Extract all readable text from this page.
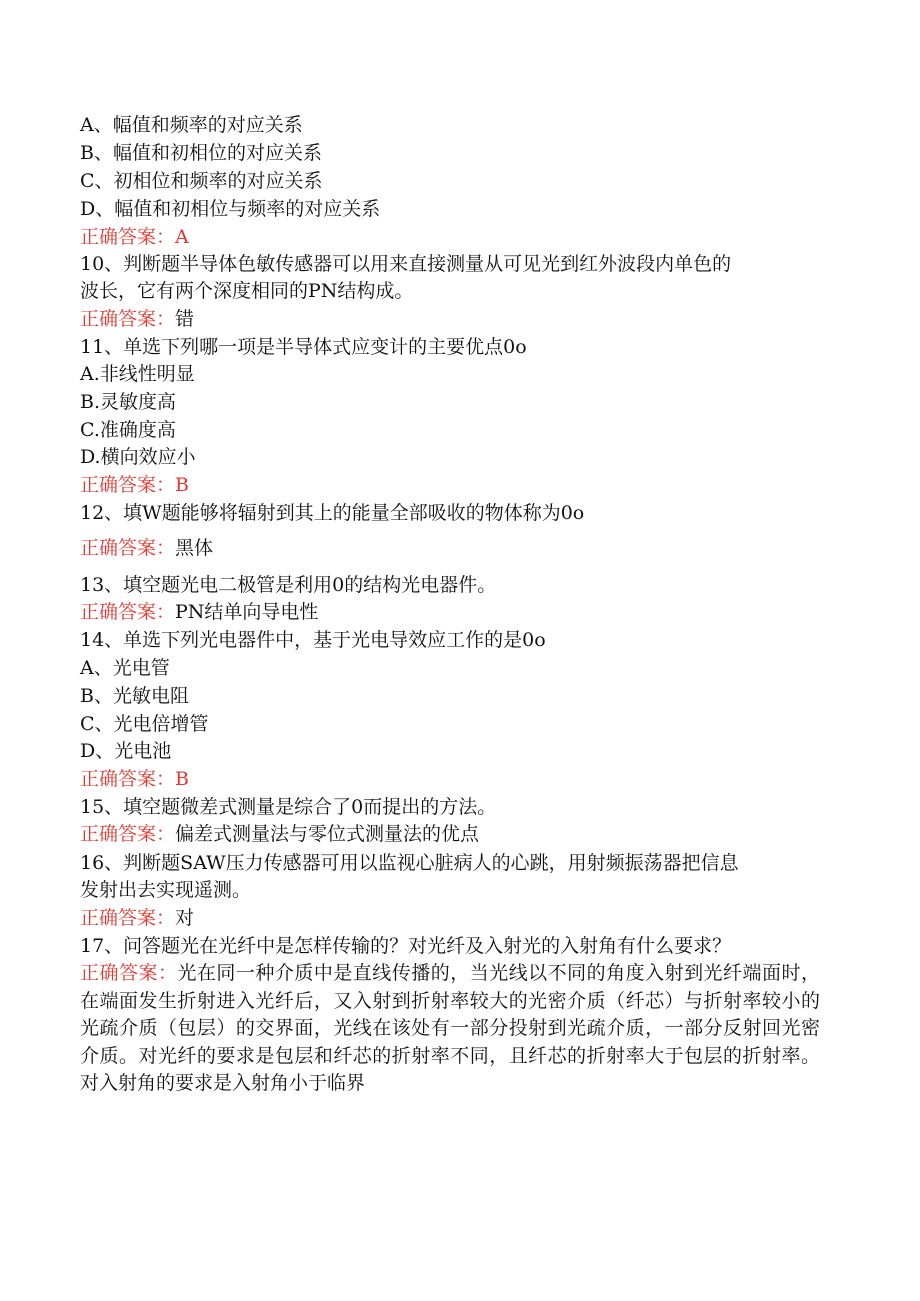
A、幅值和频率的对应关系
B、幅值和初相位的对应关系
C、初相位和频率的对应关系
D、幅值和初相位与频率的对应关系
正确答案：A
10、判断题半导体色敏传感器可以用来直接测量从可见光到红外波段内单色的
波长，它有两个深度相同的PN结构成。
正确答案：错
11、单选下列哪一项是半导体式应变计的主要优点0o
A.非线性明显
B.灵敏度高
C.准确度高
D.横向效应小
正确答案：B
12、填W题能够将辐射到其上的能量全部吸收的物体称为0o
正确答案：黑体
13、填空题光电二极管是利用0的结构光电器件。
正确答案：PN结单向导电性
14、单选下列光电器件中，基于光电导效应工作的是0o
A、光电管
B、光敏电阻
C、光电倍增管
D、光电池
正确答案：B
15、填空题微差式测量是综合了0而提出的方法。
正确答案：偏差式测量法与零位式测量法的优点
16、判断题SAW压力传感器可用以监视心脏病人的心跳，用射频振荡器把信息
发射出去实现遥测。
正确答案：对
17、问答题光在光纤中是怎样传输的？对光纤及入射光的入射角有什么要求？
正确答案：光在同一种介质中是直线传播的，当光线以不同的角度入射到光纤端面时，在端面发生折射进入光纤后，又入射到折射率较大的光密介质（纤芯）与折射率较小的光疏介质（包层）的交界面，光线在该处有一部分投射到光疏介质，一部分反射回光密介质。对光纤的要求是包层和纤芯的折射率不同，且纤芯的折射率大于包层的折射率。对入射角的要求是入射角小于临界
